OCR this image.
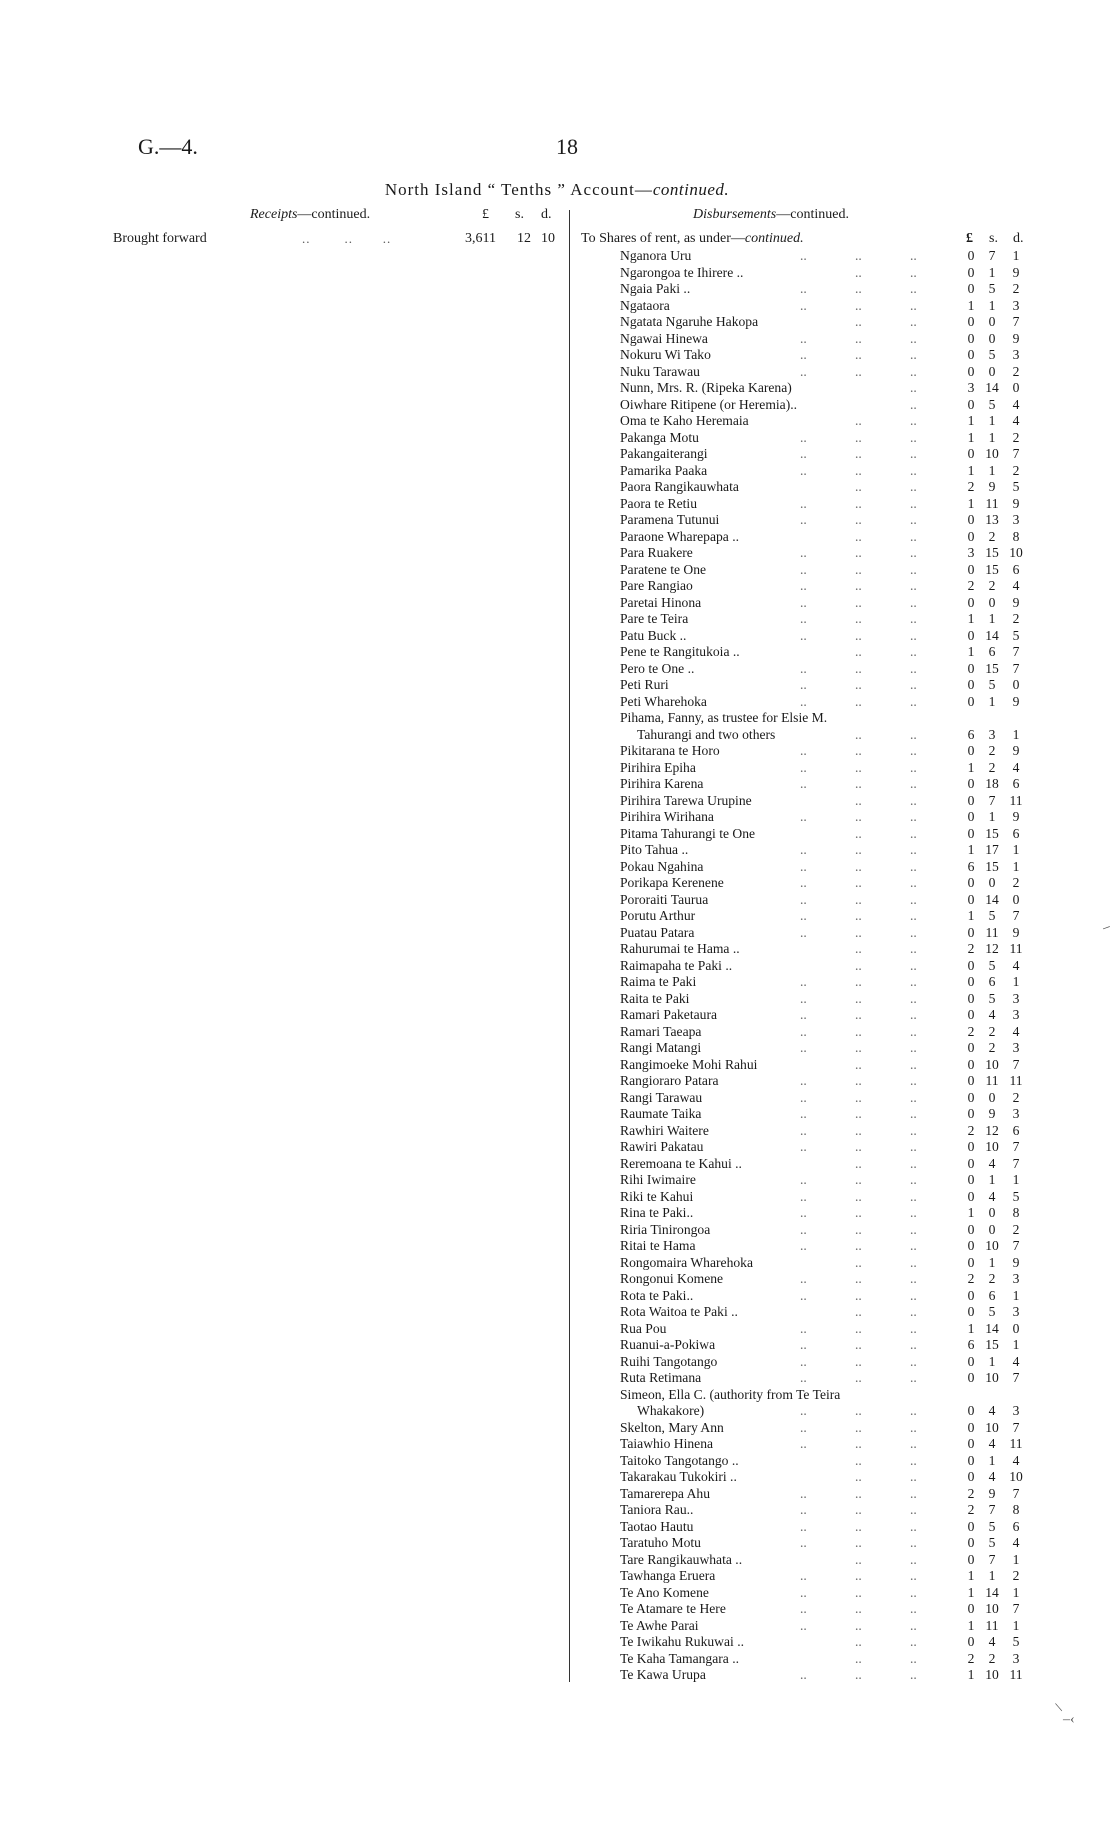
G.—4.	18
North Island “ Tenths ” Account—continued.
Receipts—continued.	£ s. d.	Disbursements—continued.
Brought forward	..        ..       ..	3,611 12 10 To Shares of rent, as under—continued.	£ s. d.
Nganora Uru	..	..	..	0	7	1
Ngarongoa te Ihirere ..	..	..	0	1	9
Ngaia Paki ..	..	..	..	0	5	2
Ngataora	..	..	..	1	1	3
Ngatata Ngaruhe Hakopa	..	..	0	0	7
Ngawai Hinewa	..	..	..	0	0	9
Nokuru Wi Tako	..	..	..	0	5	3
Nuku Tarawau	..	..	..	0	0	2
Nunn, Mrs. R. (Ripeka Karena)	..	3 14	0
Oiwhare Ritipene (or Heremia)..	..	0	5	4
Oma te Kaho Heremaia	..	..	1	1	4
Pakanga Motu	..	..	..	1	1	2
Pakangaiterangi	..	..	..	0 10	7
Pamarika Paaka	..	..	..	1	1	2
Paora Rangikauwhata	..	..	2	9	5
Paora te Retiu	..	..	..	1 11	9
Paramena Tutunui	..	..	..	0 13	3
Paraone Wharepapa ..	..	..	0	2	8
Para Ruakere	..	..	..	3 15 10
Paratene te One	..	..	..	0 15	6
Pare Rangiao	..	..	..	2	2	4
Paretai Hinona	..	..	..	0	0	9
Pare te Teira	..	..	..	1	1	2
Patu Buck ..	..	..	..	0 14	5
Pene te Rangitukoia ..	..	..	1	6	7
Pero te One ..	..	..	..	0 15	7
Peti Ruri	..	..	..	0	5	0
Peti Wharehoka	..	..	..	0	1	9
Pihama, Fanny, as trustee for Elsie M.
Tahurangi and two others	..	..	6	3	1
Pikitarana te Horo	..	..	..	0	2	9
Pirihira Epiha	..	..	..	1	2	4
Pirihira Karena	..	..	..	0 18	6
Pirihira Tarewa Urupine	..	..	0	7	11
Pirihira Wirihana	..	..	..	0	1	9
Pitama Tahurangi te One	..	..	0 15	6
Pito Tahua ..	..	..	..	1 17	1
Pokau Ngahina	..	..	..	6 15	1
Porikapa Kerenene	..	..	..	0	0	2
Pororaiti Taurua	..	..	..	0 14	0
Porutu Arthur	..	..	..	1	5	7
Puatau Patara	..	..	..	0 11	9
Rahurumai te Hama ..	..	..	2 12 11
Raimapaha te Paki ..	..	..	0	5	4
Raima te Paki	..	..	..	0	6	1
Raita te Paki	..	..	..	0	5	3
Ramari Paketaura	..	..	..	0	4	3
Ramari Taeapa	..	..	..	2	2	4
Rangi Matangi	..	..	..	0	2	3
Rangimoeke Mohi Rahui	..	..	0 10	7
Rangioraro Patara	..	..	..	0 11 11
Rangi Tarawau	..	..	..	0	0	2
Raumate Taika	..	..	..	0	9	3
Rawhiri Waitere	..	..	..	2 12	6
Rawiri Pakatau	..	..	..	0 10	7
Reremoana te Kahui ..	..	..	0	4	7
Rihi Iwimaire	..	..	..	0	1	1
Riki te Kahui	..	..	..	0	4	5
Rina te Paki..	..	..	..	1	0	8
Riria Tinirongoa	..	..	..	0	0	2
Ritai te Hama	..	..	..	0 10	7
Rongomaira Wharehoka	..	..	0	1	9
Rongonui Komene	..	..	..	2	2	3
Rota te Paki..	..	..	..	0	6	1
Rota Waitoa te Paki ..	..	..	0	5	3
Rua Pou	..	..	..	1 14	0
Ruanui-a-Pokiwa	..	..	..	6 15	1
Ruihi Tangotango	..	..	..	0	1	4
Ruta Retimana	..	..	..	0 10	7
Simeon, Ella C. (authority from Te Teira
Whakakore)	..	..	..	0	4	3
Skelton, Mary Ann	..	..	..	0 10	7
Taiawhio Hinena	..	..	..	0	4	11
Taitoko Tangotango ..	..	..	0	1	4
Takarakau Tukokiri ..	..	..	0	4	10
Tamarerepa Ahu	..	..	..	2	9	7
Taniora Rau..	..	..	..	2	7	8
Taotao Hautu	..	..	..	0	5	6
Taratuho Motu	..	..	..	0	5	4
Tare Rangikauwhata ..	..	..	0	7	1
Tawhanga Eruera	..	..	..	1	1	2
Te Ano Komene	..	..	..	1 14	1
Te Atamare te Here	..	..	..	0 10	7
Te Awhe Parai	..	..	..	1 11	1
Te Iwikahu Rukuwai ..	..	..	0	4	5
Te Kaha Tamangara ..	..	..	2	2	3
Te Kawa Urupa	..	..	..	1 10 11
–
/
–‹
